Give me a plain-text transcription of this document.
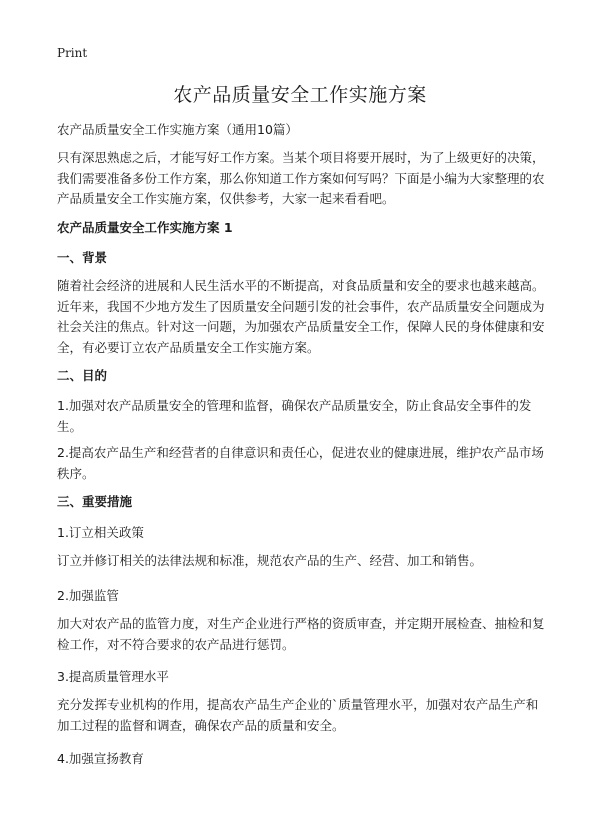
Print
农产品质量安全工作实施方案
农产品质量安全工作实施方案（通用10篇）

只有深思熟虑之后，才能写好工作方案。当某个项目将要开展时，为了上级更好的决策，我们需要准备多份工作方案，那么你知道工作方案如何写吗？下面是小编为大家整理的农产品质量安全工作实施方案，仅供参考，大家一起来看看吧。

农产品质量安全工作实施方案 1
一、背景

随着社会经济的进展和人民生活水平的不断提高，对食品质量和安全的要求也越来越高。近年来，我国不少地方发生了因质量安全问题引发的社会事件，农产品质量安全问题成为社会关注的焦点。针对这一问题，为加强农产品质量安全工作，保障人民的身体健康和安全，有必要订立农产品质量安全工作实施方案。

二、目的

1.加强对农产品质量安全的管理和监督，确保农产品质量安全，防止食品安全事件的发生。

2.提高农产品生产和经营者的自律意识和责任心，促进农业的健康进展，维护农产品市场秩序。

三、重要措施
1.订立相关政策

订立并修订相关的法律法规和标准，规范农产品的生产、经营、加工和销售。

2.加强监管

加大对农产品的监管力度，对生产企业进行严格的资质审查，并定期开展检查、抽检和复检工作，对不符合要求的农产品进行惩罚。

3.提高质量管理水平

充分发挥专业机构的作用，提高农产品生产企业的`质量管理水平，加强对农产品生产和加工过程的监督和调查，确保农产品的质量和安全。

4.加强宣扬教育
